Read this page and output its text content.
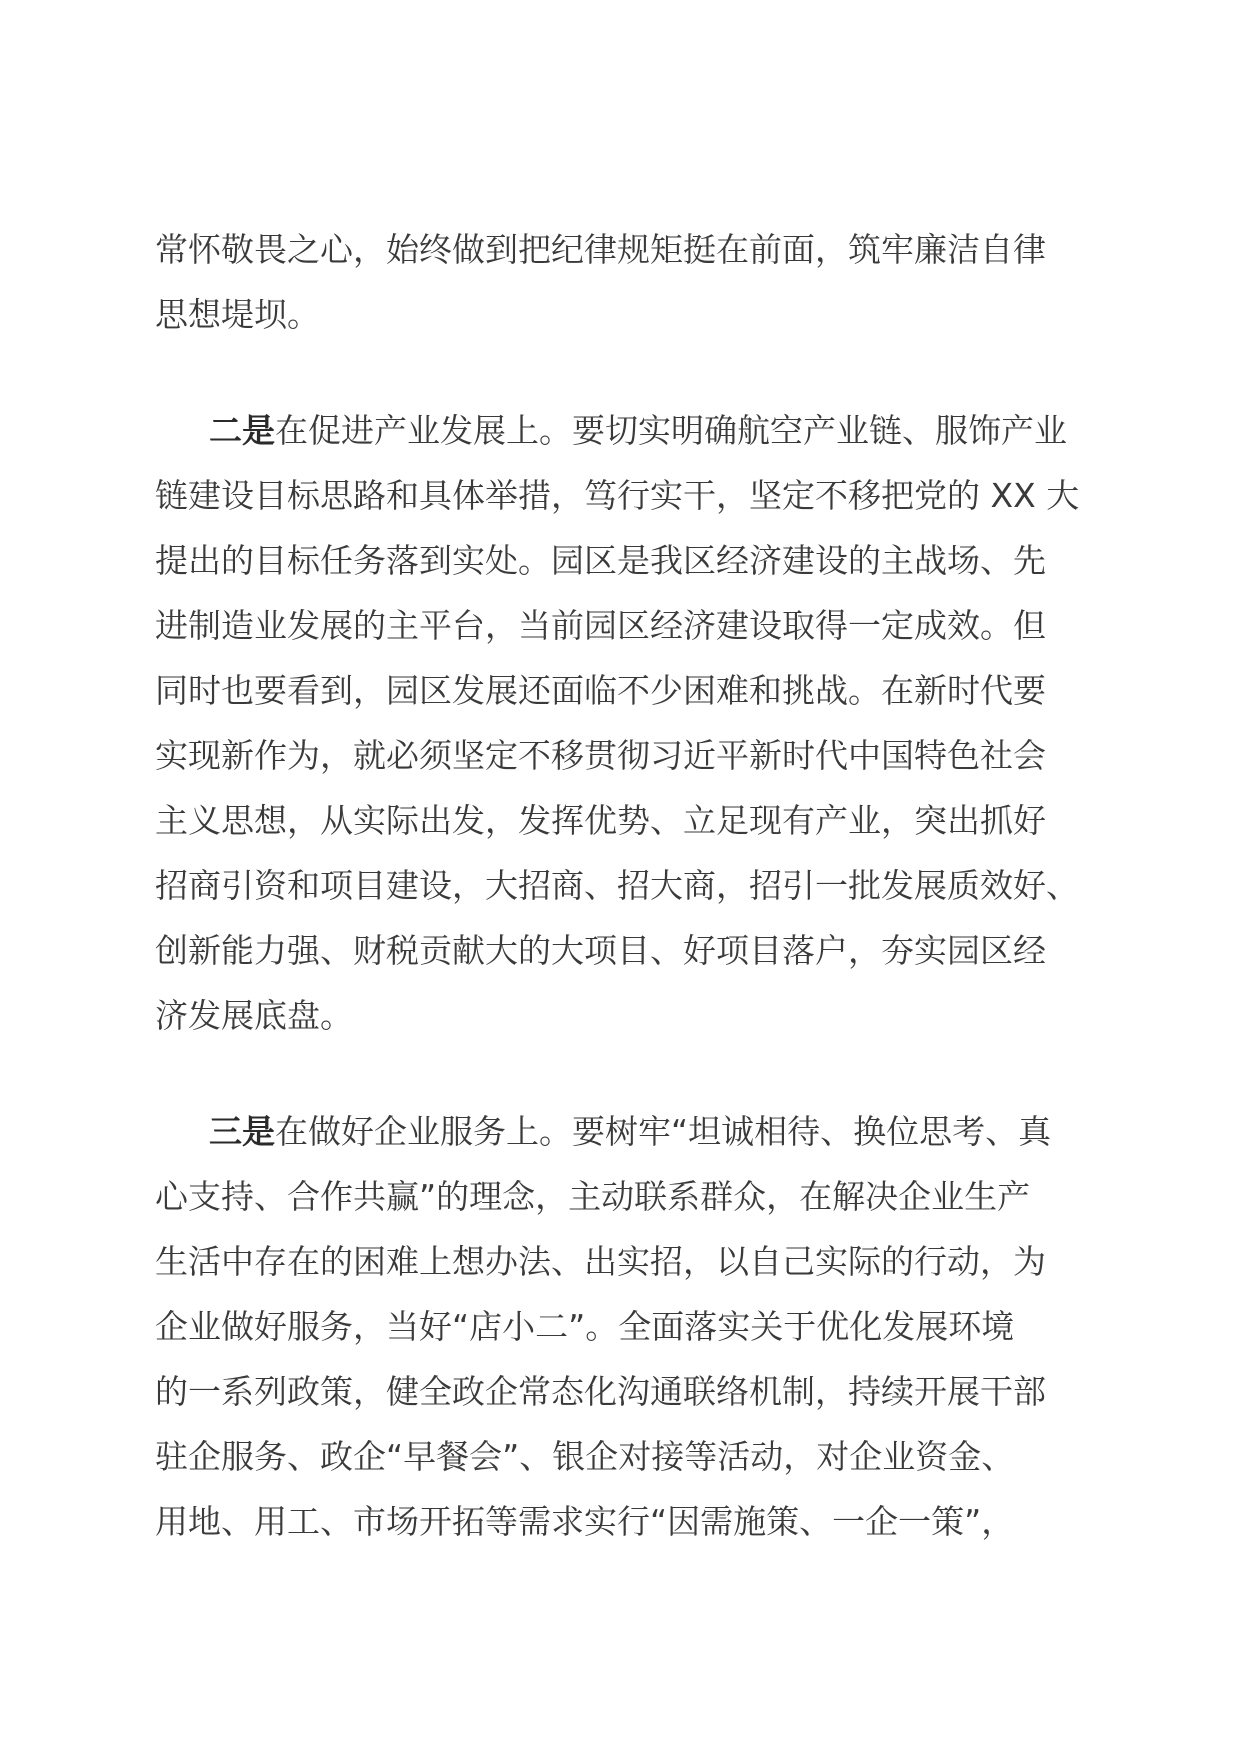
常怀敬畏之心，始终做到把纪律规矩挺在前面，筑牢廉洁自律
思想堤坝。
二是在促进产业发展上。要切实明确航空产业链、服饰产业
链建设目标思路和具体举措，笃行实干，坚定不移把党的 XX 大
提出的目标任务落到实处。园区是我区经济建设的主战场、先
进制造业发展的主平台，当前园区经济建设取得一定成效。但
同时也要看到，园区发展还面临不少困难和挑战。在新时代要
实现新作为，就必须坚定不移贯彻习近平新时代中国特色社会
主义思想，从实际出发，发挥优势、立足现有产业，突出抓好
招商引资和项目建设，大招商、招大商，招引一批发展质效好、
创新能力强、财税贡献大的大项目、好项目落户，夯实园区经
济发展底盘。
三是在做好企业服务上。要树牢“坦诚相待、换位思考、真
心支持、合作共赢”的理念，主动联系群众，在解决企业生产
生活中存在的困难上想办法、出实招，以自己实际的行动，为
企业做好服务，当好“店小二”。全面落实关于优化发展环境
的一系列政策，健全政企常态化沟通联络机制，持续开展干部
驻企服务、政企“早餐会”、银企对接等活动，对企业资金、
用地、用工、市场开拓等需求实行“因需施策、一企一策”，
